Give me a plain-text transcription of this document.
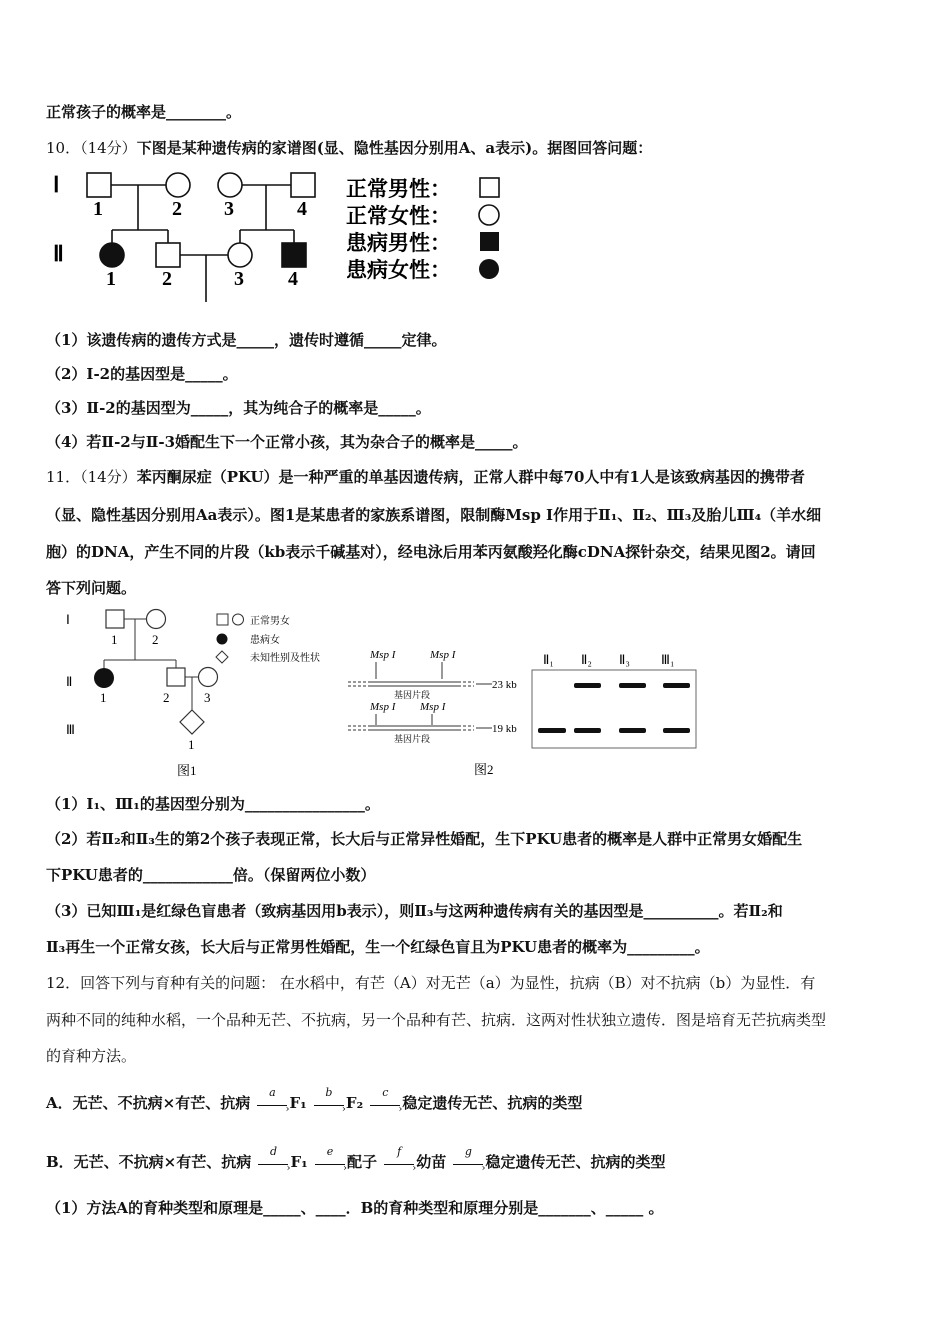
正常孩子的概率是________。
10．（14分）下图是某种遗传病的家谱图(显、隐性基因分别用A、a表示)。据图回答问题：
Ⅰ
Ⅱ
1	2 3	4
1 2	3 4
正常男性：
正常女性：
患病男性：
患病女性：
（1）该遗传病的遗传方式是_____，遗传时遵循_____定律。
（2）Ⅰ-2的基因型是_____。
（3）Ⅱ-2的基因型为_____，其为纯合子的概率是_____。
（4）若Ⅱ-2与Ⅱ-3婚配生下一个正常小孩，其为杂合子的概率是_____。
11．（14分）苯丙酮尿症（PKU）是一种严重的单基因遗传病，正常人群中每70人中有1人是该致病基因的携带者
（显、隐性基因分别用Aa表示）。图1是某患者的家族系谱图，限制酶Msp I作用于Ⅱ₁、Ⅱ₂、Ⅲ₃及胎儿Ⅲ₄（羊水细
胞）的DNA，产生不同的片段（kb表示千碱基对），经电泳后用苯丙氨酸羟化酶cDNA探针杂交，结果见图2。请回
答下列问题。
Ⅰ
Ⅱ
Ⅲ
1	2
1	2	3
1
正常男女
患病女
未知性别及性状
图1
Msp I	Msp I
基因片段
23 kb
Msp I Msp I
基因片段
19 kb
Ⅱ₁ Ⅱ₂ Ⅱ₃ Ⅲ₁
图2
（1）I₁、Ⅲ₁的基因型分别为________________。
（2）若Ⅱ₂和Ⅱ₃生的第2个孩子表现正常，长大后与正常异性婚配，生下PKU患者的概率是人群中正常男女婚配生
下PKU患者的____________倍。（保留两位小数）
（3）已知Ⅲ₁是红绿色盲患者（致病基因用b表示），则Ⅱ₃与这两种遗传病有关的基因型是__________。若Ⅱ₂和
Ⅱ₃再生一个正常女孩，长大后与正常男性婚配，生一个红绿色盲且为PKU患者的概率为_________。
12．回答下列与育种有关的问题： 在水稻中，有芒（A）对无芒（a）为显性，抗病（B）对不抗病（b）为显性．有
两种不同的纯种水稻，一个品种无芒、不抗病，另一个品种有芒、抗病．这两对性状独立遗传．图是培育无芒抗病类型
的育种方法。
A．无芒、不抗病×有芒、抗病
a
› F₁
b
› F₂
c
› 稳定遗传无芒、抗病的类型
B．无芒、不抗病×有芒、抗病
d
› F₁
e
› 配子
f
› 幼苗
g
› 稳定遗传无芒、抗病的类型
（1）方法A的育种类型和原理是_____、____．B的育种类型和原理分别是_______、_____ 。
